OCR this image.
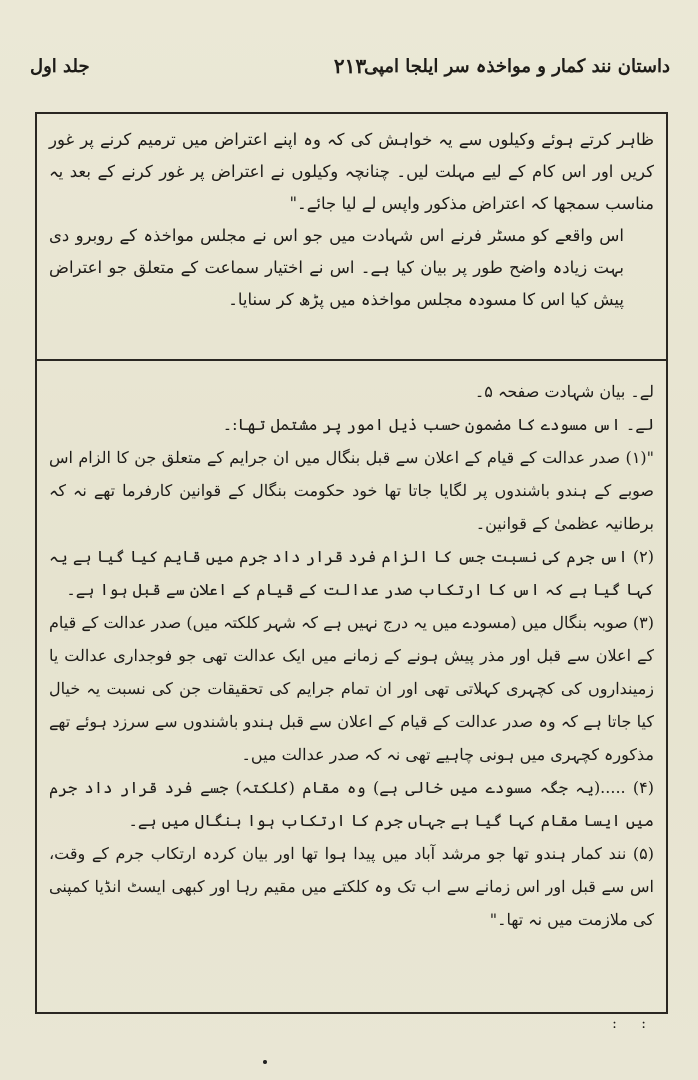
داستان نند کمار و مواخذہ سر ایلجا امپی
۲۱۳
جلد اول
ظاہر کرتے ہوئے وکیلوں سے یہ خواہش کی کہ وہ اپنے اعتراض میں ترمیم کرنے پر غور کریں اور اس کام کے لیے مہلت لیں۔ چنانچہ وکیلوں نے اعتراض پر غور کرنے کے بعد یہ مناسب سمجھا کہ اعتراض مذکور واپس لے لیا جائے۔"
اس واقعے کو مسٹر فرنے اس شہادت میں جو اس نے مجلس مواخذہ کے روبرو دی بہت زیادہ واضح طور پر بیان کیا ہے۔ اس نے اختیار سماعت کے متعلق جو اعتراض پیش کیا اس کا مسودہ مجلس مواخذہ میں پڑھ کر سنایا۔
لے۔ بیان شہادت صفحہ ۵۔
لے۔ اس مسودے کا مضمون حسب ذیل امور پر مشتمل تھا:۔
"(۱) صدر عدالت کے قیام کے اعلان سے قبل بنگال میں ان جرایم کے متعلق جن کا الزام اس صوبے کے ہندو باشندوں پر لگایا جاتا تھا خود حکومت بنگال کے قوانین کارفرما تھے نہ کہ برطانیہ عظمیٰ کے قوانین۔
(۲) اس جرم کی نسبت جس کا الزام فرد قرار داد جرم میں قایم کیا گیا ہے یہ کہا گیا ہے کہ اس کا ارتکاب صدر عدالت کے قیام کے اعلان سے قبل ہوا ہے۔
(۳) صوبہ بنگال میں (مسودے میں یہ درج نہیں ہے کہ شہر کلکتہ میں) صدر عدالت کے قیام کے اعلان سے قبل اور مذر پیش ہونے کے زمانے میں ایک عدالت تھی جو فوجداری عدالت یا زمینداروں کی کچہری کہلاتی تھی اور ان تمام جرایم کی تحقیقات جن کی نسبت یہ خیال کیا جاتا ہے کہ وہ صدر عدالت کے قیام کے اعلان سے قبل ہندو باشندوں سے سرزد ہوئے تھے مذکورہ کچہری میں ہونی چاہیے تھی نہ کہ صدر عدالت میں۔
(۴) .....(یہ جگہ مسودے میں خالی ہے) وہ مقام (کلکتہ) جسے فرد قرار داد جرم میں ایسا مقام کہا گیا ہے جہاں جرم کا ارتکاب ہوا بنگال میں ہے۔
(۵) نند کمار ہندو تھا جو مرشد آباد میں پیدا ہوا تھا اور بیان کردہ ارتکاب جرم کے وقت، اس سے قبل اور اس زمانے سے اب تک وہ کلکتے میں مقیم رہا اور کبھی ایسٹ انڈیا کمپنی کی ملازمت میں نہ تھا۔"
: :
